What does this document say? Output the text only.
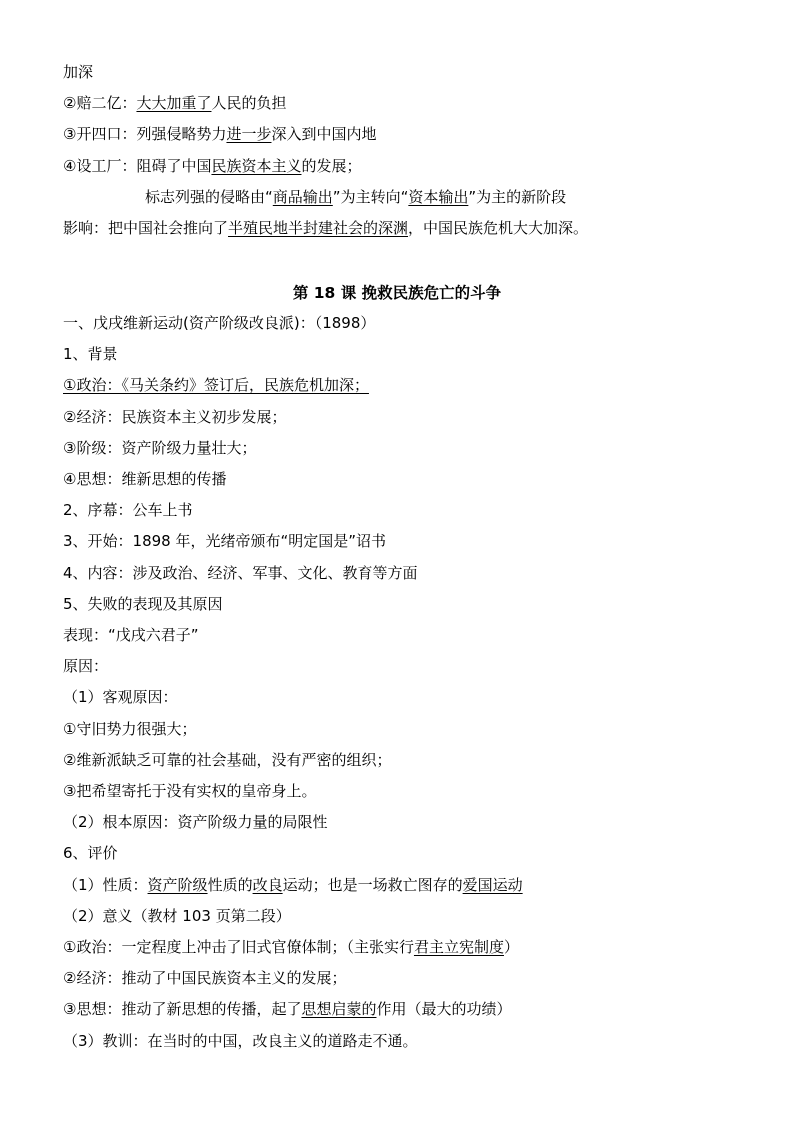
加深
②赔二亿：大大加重了人民的负担
③开四口：列强侵略势力进一步深入到中国内地
④设工厂：阻碍了中国民族资本主义的发展；
标志列强的侵略由“商品输出”为主转向“资本输出”为主的新阶段
影响：把中国社会推向了半殖民地半封建社会的深渊，中国民族危机大大加深。
第 18 课 挽救民族危亡的斗争
一、戊戌维新运动(资产阶级改良派)：（1898）
1、背景
①政治：《马关条约》签订后，民族危机加深；
②经济：民族资本主义初步发展；
③阶级：资产阶级力量壮大；
④思想：维新思想的传播
2、序幕：公车上书
3、开始：1898 年，光绪帝颁布“明定国是”诏书
4、内容：涉及政治、经济、军事、文化、教育等方面
5、失败的表现及其原因
表现：“戊戌六君子”
原因：
（1）客观原因：
①守旧势力很强大；
②维新派缺乏可靠的社会基础，没有严密的组织；
③把希望寄托于没有实权的皇帝身上。
（2）根本原因：资产阶级力量的局限性
6、评价
（1）性质：资产阶级性质的改良运动；也是一场救亡图存的爱国运动
（2）意义（教材 103 页第二段）
①政治：一定程度上冲击了旧式官僚体制；（主张实行君主立宪制度）
②经济：推动了中国民族资本主义的发展；
③思想：推动了新思想的传播，起了思想启蒙的作用（最大的功绩）
（3）教训：在当时的中国，改良主义的道路走不通。
